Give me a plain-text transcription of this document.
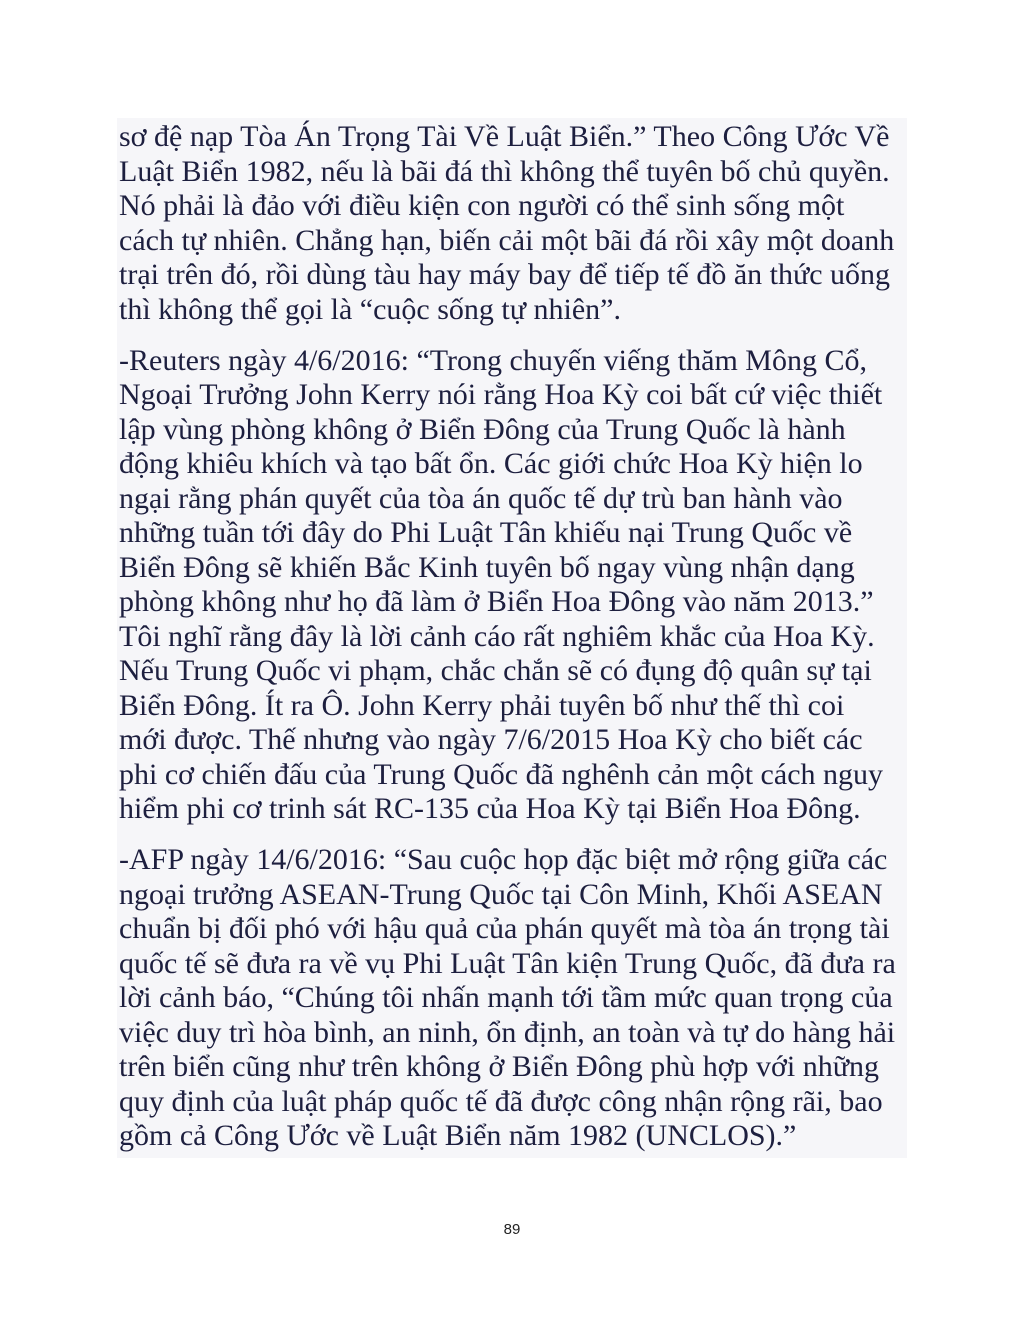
sơ đệ nạp Tòa Án Trọng Tài Về Luật Biển.” Theo Công Ước Về
Luật Biển 1982, nếu là bãi đá thì không thể tuyên bố chủ quyền.
Nó phải là đảo với điều kiện con người có thể sinh sống một
cách tự nhiên. Chẳng hạn, biến cải một bãi đá rồi xây một doanh
trại trên đó, rồi dùng tàu hay máy bay để tiếp tế đồ ăn thức uống
thì không thể gọi là “cuộc sống tự nhiên”.
-Reuters ngày 4/6/2016: “Trong chuyến viếng thăm Mông Cổ,
Ngoại Trưởng John Kerry nói rằng Hoa Kỳ coi bất cứ việc thiết
lập vùng phòng không ở Biển Đông của Trung Quốc là hành
động khiêu khích và tạo bất ổn. Các giới chức Hoa Kỳ hiện lo
ngại rằng phán quyết của tòa án quốc tế dự trù ban hành vào
những tuần tới đây do Phi Luật Tân khiếu nại Trung Quốc về
Biển Đông sẽ khiến Bắc Kinh tuyên bố ngay vùng nhận dạng
phòng không như họ đã làm ở Biển Hoa Đông vào năm 2013.”
Tôi nghĩ rằng đây là lời cảnh cáo rất nghiêm khắc của Hoa Kỳ.
Nếu Trung Quốc vi phạm, chắc chắn sẽ có đụng độ quân sự tại
Biển Đông. Ít ra Ô. John Kerry phải tuyên bố như thế thì coi
mới được. Thế nhưng vào ngày 7/6/2015 Hoa Kỳ cho biết các
phi cơ chiến đấu của Trung Quốc đã nghênh cản một cách nguy
hiểm phi cơ trinh sát RC-135 của Hoa Kỳ tại Biển Hoa Đông.
-AFP ngày 14/6/2016: “Sau cuộc họp đặc biệt mở rộng giữa các
ngoại trưởng ASEAN-Trung Quốc tại Côn Minh, Khối ASEAN
chuẩn bị đối phó với hậu quả của phán quyết mà tòa án trọng tài
quốc tế sẽ đưa ra về vụ Phi Luật Tân kiện Trung Quốc, đã đưa ra
lời cảnh báo, “Chúng tôi nhấn mạnh tới tầm mức quan trọng của
việc duy trì hòa bình, an ninh, ổn định, an toàn và tự do hàng hải
trên biển cũng như trên không ở Biển Đông phù hợp với những
quy định của luật pháp quốc tế đã được công nhận rộng rãi, bao
gồm cả Công Ước về Luật Biển năm 1982 (UNCLOS).”
89
